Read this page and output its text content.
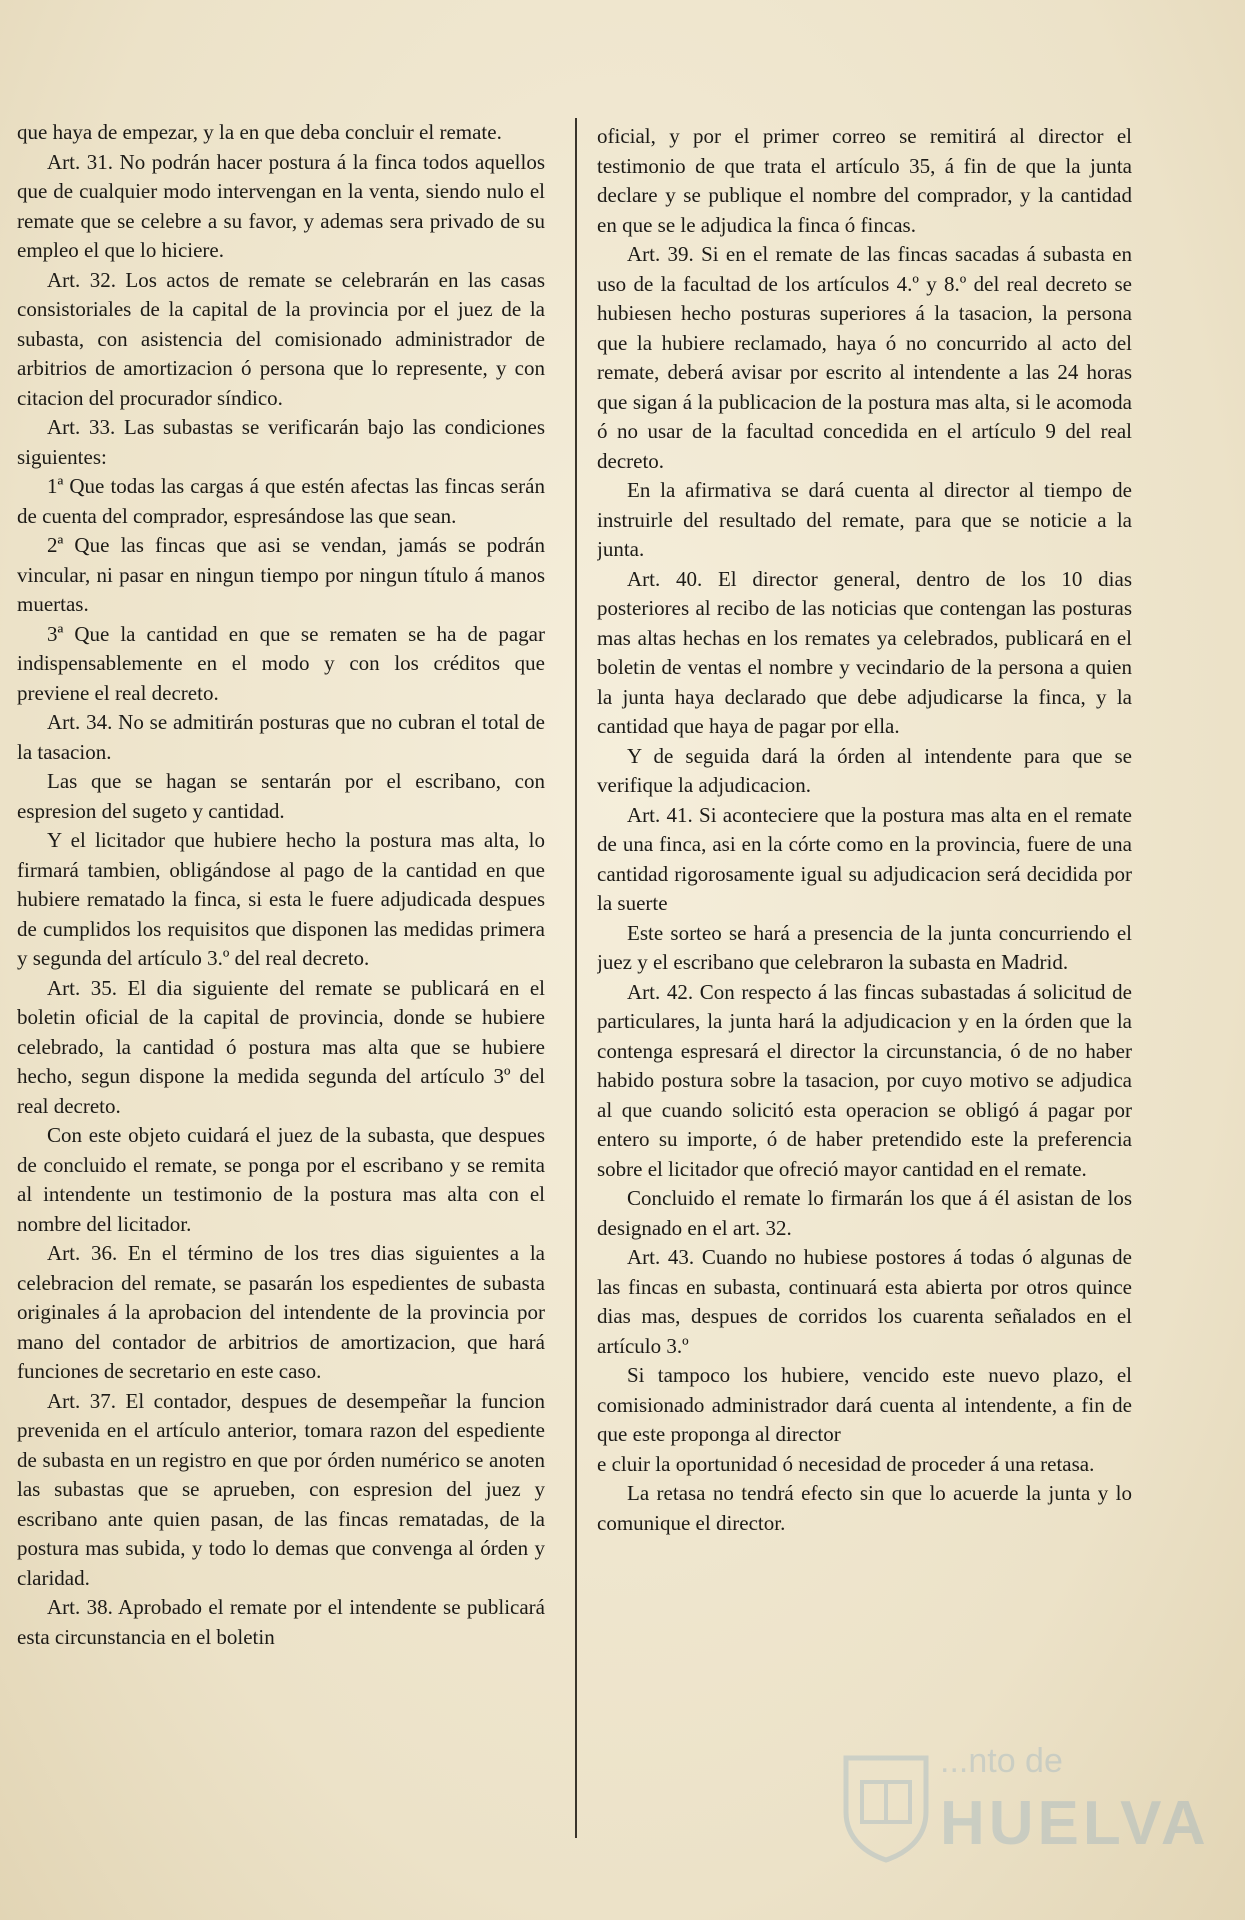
que haya de empezar, y la en que deba concluir el remate.

Art. 31. No podrán hacer postura á la finca todos aquellos que de cualquier modo intervengan en la venta, siendo nulo el remate que se celebre a su favor, y ademas sera privado de su empleo el que lo hiciere.

Art. 32. Los actos de remate se celebrarán en las casas consistoriales de la capital de la provincia por el juez de la subasta, con asistencia del comisionado administrador de arbitrios de amortizacion ó persona que lo represente, y con citacion del procurador síndico.

Art. 33. Las subastas se verificarán bajo las condiciones siguientes:

1ª Que todas las cargas á que estén afectas las fincas serán de cuenta del comprador, espresándose las que sean.

2ª Que las fincas que asi se vendan, jamás se podrán vincular, ni pasar en ningun tiempo por ningun título á manos muertas.

3ª Que la cantidad en que se rematen se ha de pagar indispensablemente en el modo y con los créditos que previene el real decreto.

Art. 34. No se admitirán posturas que no cubran el total de la tasacion.

Las que se hagan se sentarán por el escribano, con espresion del sugeto y cantidad.

Y el licitador que hubiere hecho la postura mas alta, lo firmará tambien, obligándose al pago de la cantidad en que hubiere rematado la finca, si esta le fuere adjudicada despues de cumplidos los requisitos que disponen las medidas primera y segunda del artículo 3.º del real decreto.

Art. 35. El dia siguiente del remate se publicará en el boletin oficial de la capital de provincia, donde se hubiere celebrado, la cantidad ó postura mas alta que se hubiere hecho, segun dispone la medida segunda del artículo 3º del real decreto.

Con este objeto cuidará el juez de la subasta, que despues de concluido el remate, se ponga por el escribano y se remita al intendente un testimonio de la postura mas alta con el nombre del licitador.

Art. 36. En el término de los tres dias siguientes a la celebracion del remate, se pasarán los espedientes de subasta originales á la aprobacion del intendente de la provincia por mano del contador de arbitrios de amortizacion, que hará funciones de secretario en este caso.

Art. 37. El contador, despues de desempeñar la funcion prevenida en el artículo anterior, tomara razon del espediente de subasta en un registro en que por órden numérico se anoten las subastas que se aprueben, con espresion del juez y escribano ante quien pasan, de las fincas rematadas, de la postura mas subida, y todo lo demas que convenga al órden y claridad.

Art. 38. Aprobado el remate por el intendente se publicará esta circunstancia en el boletin

oficial, y por el primer correo se remitirá al director el testimonio de que trata el artículo 35, á fin de que la junta declare y se publique el nombre del comprador, y la cantidad en que se le adjudica la finca ó fincas.

Art. 39. Si en el remate de las fincas sacadas á subasta en uso de la facultad de los artículos 4.º y 8.º del real decreto se hubiesen hecho posturas superiores á la tasacion, la persona que la hubiere reclamado, haya ó no concurrido al acto del remate, deberá avisar por escrito al intendente a las 24 horas que sigan á la publicacion de la postura mas alta, si le acomoda ó no usar de la facultad concedida en el artículo 9 del real decreto.

En la afirmativa se dará cuenta al director al tiempo de instruirle del resultado del remate, para que se noticie a la junta.

Art. 40. El director general, dentro de los 10 dias posteriores al recibo de las noticias que contengan las posturas mas altas hechas en los remates ya celebrados, publicará en el boletin de ventas el nombre y vecindario de la persona a quien la junta haya declarado que debe adjudicarse la finca, y la cantidad que haya de pagar por ella.

Y de seguida dará la órden al intendente para que se verifique la adjudicacion.

Art. 41. Si aconteciere que la postura mas alta en el remate de una finca, asi en la córte como en la provincia, fuere de una cantidad rigorosamente igual su adjudicacion será decidida por la suerte

Este sorteo se hará a presencia de la junta concurriendo el juez y el escribano que celebraron la subasta en Madrid.

Art. 42. Con respecto á las fincas subastadas á solicitud de particulares, la junta hará la adjudicacion y en la órden que la contenga espresará el director la circunstancia, ó de no haber habido postura sobre la tasacion, por cuyo motivo se adjudica al que cuando solicitó esta operacion se obligó á pagar por entero su importe, ó de haber pretendido este la preferencia sobre el licitador que ofreció mayor cantidad en el remate.

Concluido el remate lo firmarán los que á él asistan de los designado en el art. 32.

Art. 43. Cuando no hubiese postores á todas ó algunas de las fincas en subasta, continuará esta abierta por otros quince dias mas, despues de corridos los cuarenta señalados en el artículo 3.º

Si tampoco los hubiere, vencido este nuevo plazo, el comisionado administrador dará cuenta al intendente, a fin de que este proponga al director

e cluir la oportunidad ó necesidad de proceder á una retasa.

La retasa no tendrá efecto sin que lo acuerde la junta y lo comunique el director.

...nto de
HUELVA
